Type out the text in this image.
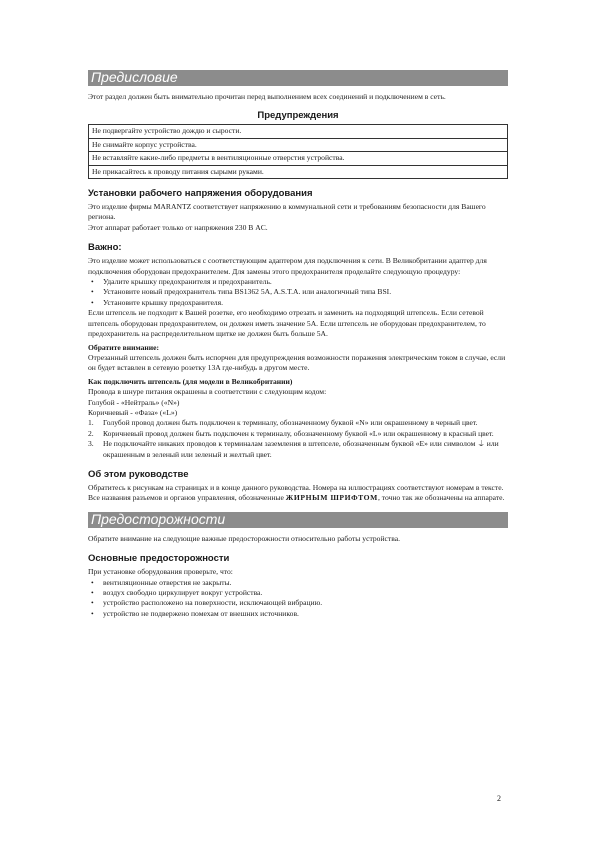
Предисловие

Этот раздел должен быть внимательно прочитан перед выполнением всех соединений и подключением в сеть.

Предупреждения
Не подвергайте устройство дождю и сырости.
Не снимайте корпус устройства.
Не вставляйте какие-либо предметы в вентиляционные отверстия устройства.
Не прикасайтесь к проводу питания сырыми руками.
Установки рабочего напряжения оборудования

Это изделие фирмы MARANTZ соответствует напряжению в коммунальной сети и требованиям безопасности для Вашего региона.

Этот аппарат работает только от напряжения 230 В AC.

Важно:

Это изделие может использоваться с соответствующим адаптером для подключения к сети. В Великобритании адаптер для подключения оборудован предохранителем. Для замены этого предохранителя проделайте следующую процедуру:

• Удалите крышку предохранителя и предохранитель.
• Установите новый предохранитель типа BS1362 5A, A.S.T.A. или аналогичный типа BSI.
• Установите крышку предохранителя.

Если штепсель не подходит к Вашей розетке, его необходимо отрезать и заменить на подходящий штепсель. Если сетевой штепсель оборудован предохранителем, он должен иметь значение 5A. Если штепсель не оборудован предохранителем, то предохранитель на распределительном щитке не должен быть больше 5A.

Обратите внимание:

Отрезанный штепсель должен быть испорчен для предупреждения возможности поражения электрическим током в случае, если он будет вставлен в сетевую розетку 13A где-нибудь в другом месте.

Как подключить штепсель (для модели в Великобритании)

Провода в шнуре питания окрашены в соответствии с следующим кодом:

Голубой - «Нейтраль» («N»)

Коричневый - «Фаза» («L»)

1. Голубой провод должен быть подключен к терминалу, обозначенному буквой «N» или окрашенному в черный цвет.
2. Коричневый провод должен быть подключен к терминалу, обозначенному буквой «L» или окрашенному в красный цвет.
3. Не подключайте никаких проводов к терминалам заземления в штепселе, обозначенным буквой «E» или символом ⏚ или окрашенным в зеленый или зеленый и желтый цвет.
Об этом руководстве

Обратитесь к рисункам на страницах и в конце данного руководства. Номера на иллюстрациях соответствуют номерам в тексте. Все названия разъемов и органов управления, обозначенные ЖИРНЫМ ШРИФТОМ, точно так же обозначены на аппарате.

Предосторожности

Обратите внимание на следующие важные предосторожности относительно работы устройства.

Основные предосторожности

При установке оборудования проверьте, что:

• вентиляционные отверстия не закрыты.
• воздух свободно циркулирует вокруг устройства.
• устройство расположено на поверхности, исключающей вибрацию.
• устройство не подвержено помехам от внешних источников.
2
